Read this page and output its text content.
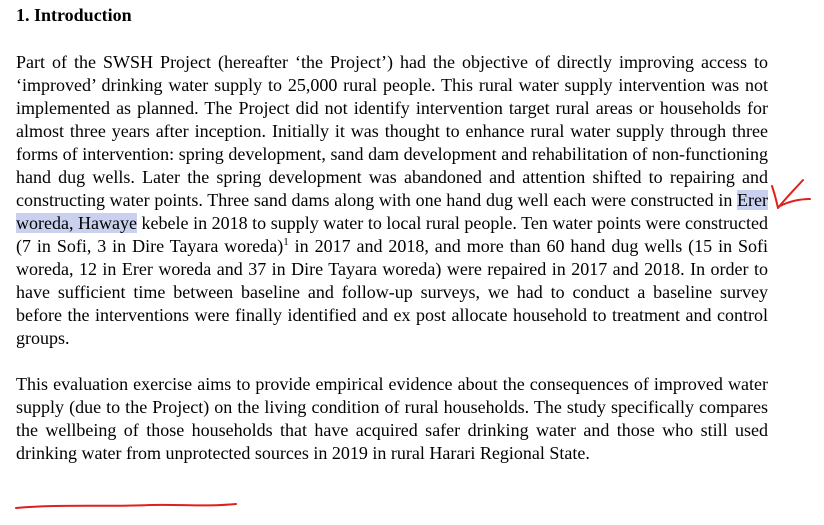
1. Introduction

Part of the SWSH Project (hereafter ‘the Project’) had the objective of directly improving access to ‘improved’ drinking water supply to 25,000 rural people. This rural water supply intervention was not implemented as planned. The Project did not identify intervention target rural areas or households for almost three years after inception. Initially it was thought to enhance rural water supply through three forms of intervention: spring development, sand dam development and rehabilitation of non-functioning hand dug wells. Later the spring development was abandoned and attention shifted to repairing and constructing water points. Three sand dams along with one hand dug well each were constructed in Erer woreda, Hawaye kebele in 2018 to supply water to local rural people. Ten water points were constructed (7 in Sofi, 3 in Dire Tayara woreda)$^1$ in 2017 and 2018, and more than 60 hand dug wells (15 in Sofi woreda, 12 in Erer woreda and 37 in Dire Tayara woreda) were repaired in 2017 and 2018. In order to have sufficient time between baseline and follow-up surveys, we had to conduct a baseline survey before the interventions were finally identified and ex post allocate household to treatment and control groups.

This evaluation exercise aims to provide empirical evidence about the consequences of improved water supply (due to the Project) on the living condition of rural households. The study specifically compares the wellbeing of those households that have acquired safer drinking water and those who still used drinking water from unprotected sources in 2019 in rural Harari Regional State.
